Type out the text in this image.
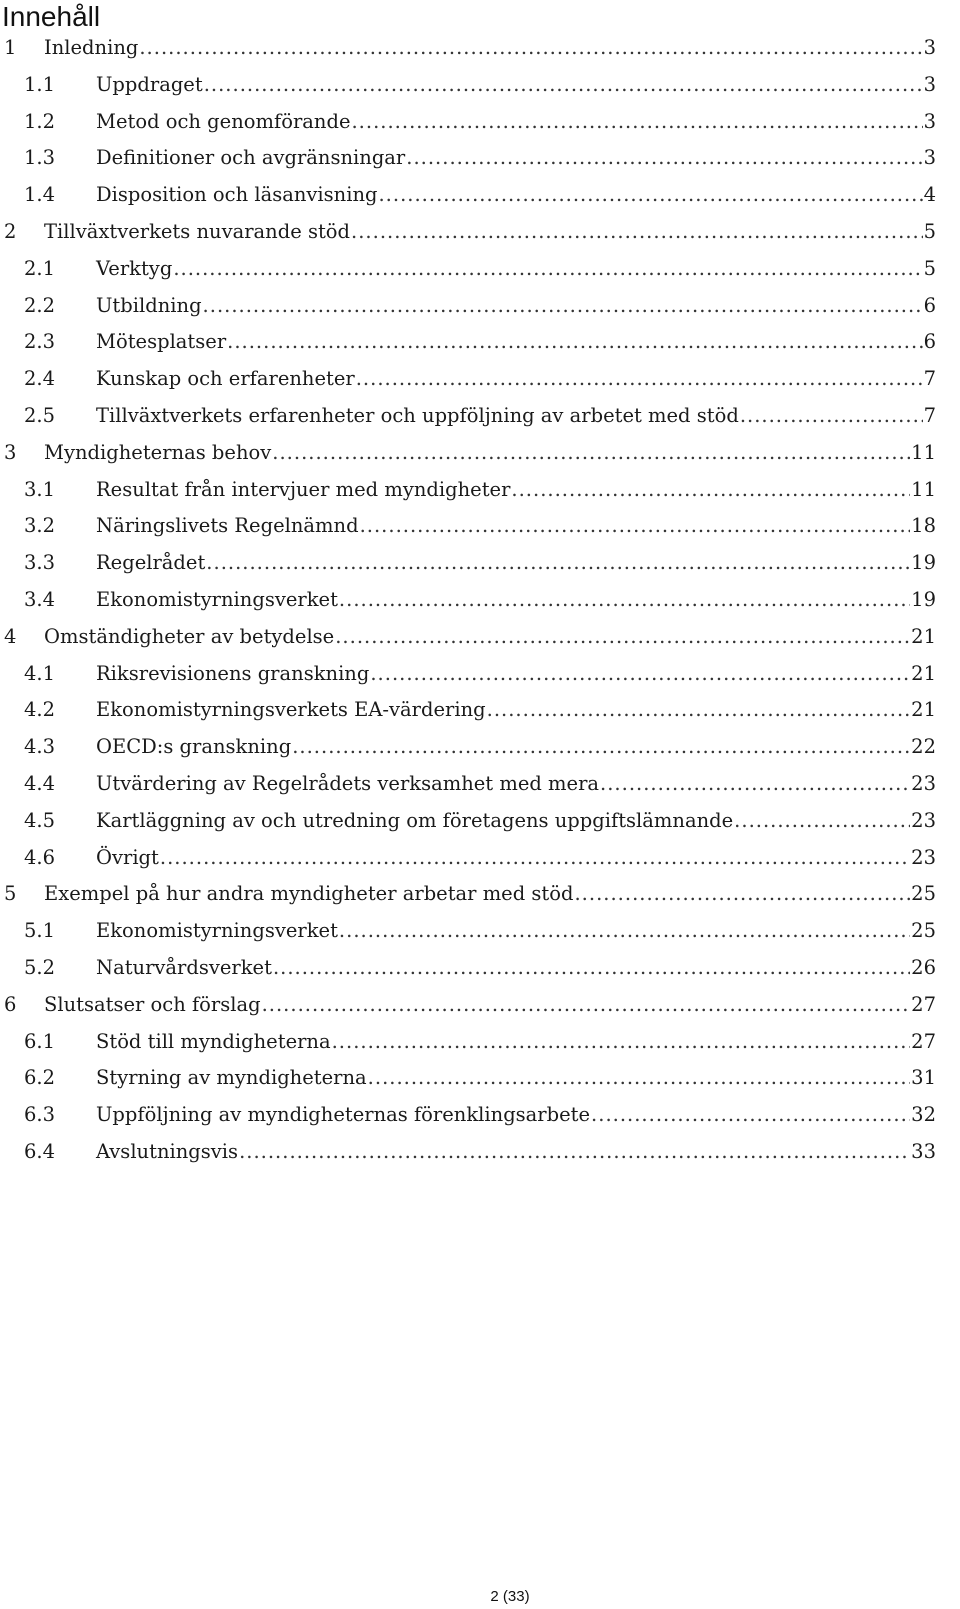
Innehåll
1	Inledning .....	3
1.1	Uppdraget .....	3
1.2	Metod och genomförande .....	3
1.3	Definitioner och avgränsningar .....	3
1.4	Disposition och läsanvisning .....	4
2	Tillväxtverkets nuvarande stöd .....	5
2.1	Verktyg .....	5
2.2	Utbildning .....	6
2.3	Mötesplatser .....	6
2.4	Kunskap och erfarenheter .....	7
2.5	Tillväxtverkets erfarenheter och uppföljning av arbetet med stöd .....	7
3	Myndigheternas behov .....	11
3.1	Resultat från intervjuer med myndigheter .....	11
3.2	Näringslivets Regelnämnd .....	18
3.3	Regelrådet .....	19
3.4	Ekonomistyrningsverket .....	19
4	Omständigheter av betydelse .....	21
4.1	Riksrevisionens granskning .....	21
4.2	Ekonomistyrningsverkets EA-värdering .....	21
4.3	OECD:s granskning .....	22
4.4	Utvärdering av Regelrådets verksamhet med mera .....	23
4.5	Kartläggning av och utredning om företagens uppgiftslämnande .....	23
4.6	Övrigt .....	23
5	Exempel på hur andra myndigheter arbetar med stöd .....	25
5.1	Ekonomistyrningsverket .....	25
5.2	Naturvårdsverket .....	26
6	Slutsatser och förslag .....	27
6.1	Stöd till myndigheterna .....	27
6.2	Styrning av myndigheterna .....	31
6.3	Uppföljning av myndigheternas förenklingsarbete .....	32
6.4	Avslutningsvis .....	33
2 (33)
